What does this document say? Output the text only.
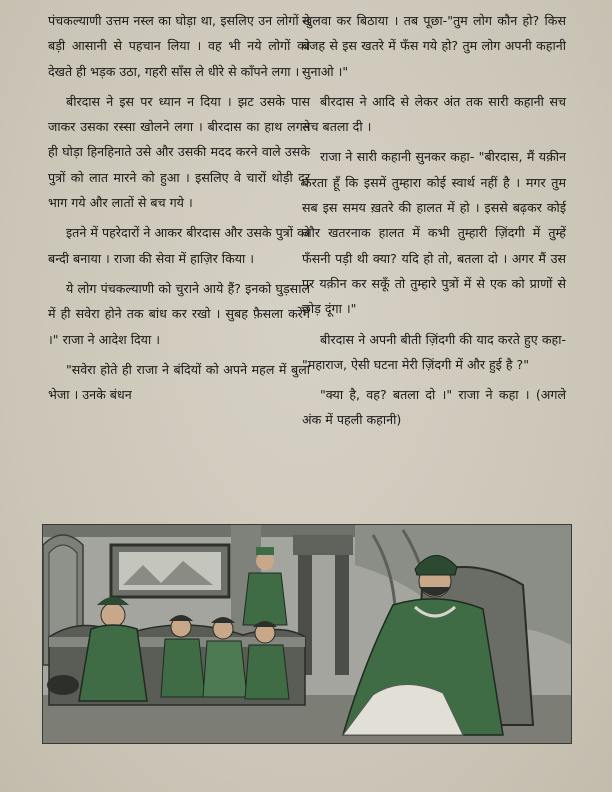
पंचकल्याणी उत्तम नस्ल का घोड़ा था, इसलिए उन लोगों ने बड़ी आसानी से पहचान लिया । वह भी नये लोगों को देखते ही भड़क उठा, गहरी साँस ले धीरे से काँपने लगा ।

बीरदास ने इस पर ध्यान न दिया । झट उसके पास जाकर उसका रस्सा खोलने लगा । बीरदास का हाथ लगते ही घोड़ा हिनहिनाते उसे और उसकी मदद करने वाले उसके पुत्रों को लात मारने को हुआ । इसलिए वे चारों थोड़ी दूर भाग गये और लातों से बच गये ।

इतने में पहरेदारों ने आकर बीरदास और उसके पुत्रों को बन्दी बनाया । राजा की सेवा में हाज़िर किया ।

ये लोग पंचकल्याणी को चुराने आये हैं? इनको घुड़साल में ही सवेरा होने तक बांध कर रखो । सुबह फ़ैसला करेंगे ।" राजा ने आदेश दिया ।

"सवेरा होते ही राजा ने बंदियों को अपने महल में बुला भेजा । उनके बंधन

खुलवा कर बिठाया । तब पूछा-"तुम लोग कौन हो? किस वजह से इस खतरे में फँस गये हो? तुम लोग अपनी कहानी सुनाओ ।"

बीरदास ने आदि से लेकर अंत तक सारी कहानी सच सच बतला दी ।

राजा ने सारी कहानी सुनकर कहा- "बीरदास, मैं यक़ीन करता हूँ कि इसमें तुम्हारा कोई स्वार्थ नहीं है । मगर तुम सब इस समय ख़तरे की हालत में हो । इससे बढ़कर कोई और खतरनाक हालत में कभी तुम्हारी ज़िंदगी में तुम्हें फँसनी पड़ी थी क्या? यदि हो तो, बतला दो । अगर मैं उस पर यक़ीन कर सकूँ तो तुम्हारे पुत्रों में से एक को प्राणों से छोड़ दूंगा ।"

बीरदास ने अपनी बीती ज़िंदगी की याद करते हुए कहा-"महाराज, ऐसी घटना मेरी ज़िंदगी में और हुई है ?"

"क्या है, वह? बतला दो ।" राजा ने कहा । (अगले अंक में पहली कहानी)
